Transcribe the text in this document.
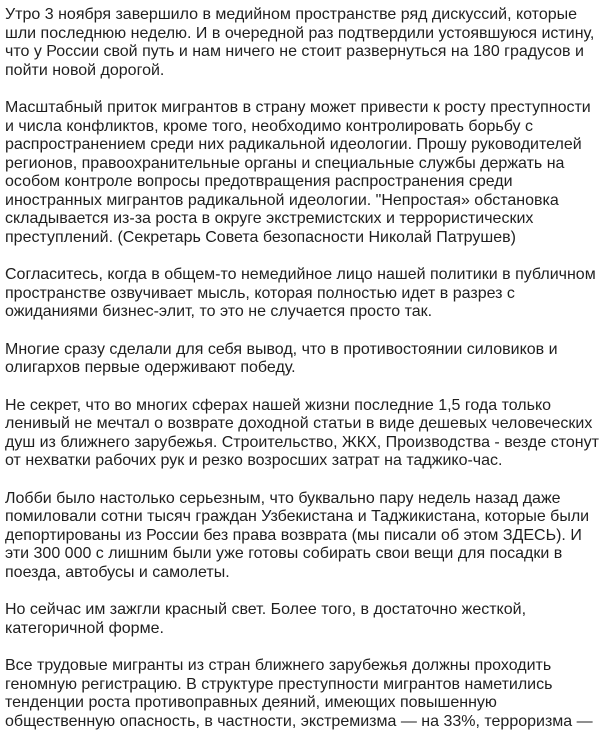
Утро 3 ноября завершило в медийном пространстве ряд дискуссий, которые шли последнюю неделю. И в очередной раз подтвердили устоявшуюся истину, что у России свой путь и нам ничего не стоит развернуться на 180 градусов и пойти новой дорогой.

Масштабный приток мигрантов в страну может привести к росту преступности и числа конфликтов, кроме того, необходимо контролировать борьбу с распространением среди них радикальной идеологии. Прошу руководителей регионов, правоохранительные органы и специальные службы держать на особом контроле вопросы предотвращения распространения среди иностранных мигрантов радикальной идеологии. "Непростая» обстановка складывается из-за роста в округе экстремистских и террористических преступлений. (Секретарь Совета безопасности Николай Патрушев)

Согласитесь, когда в общем-то немедийное лицо нашей политики в публичном пространстве озвучивает мысль, которая полностью идет в разрез с ожиданиями бизнес-элит, то это не случается просто так.

Многие сразу сделали для себя вывод, что в противостоянии силовиков и олигархов первые одерживают победу.

Не секрет, что во многих сферах нашей жизни последние 1,5 года только ленивый не мечтал о возврате доходной статьи в виде дешевых человеческих душ из ближнего зарубежья. Строительство, ЖКХ, Производства - везде стонут от нехватки рабочих рук и резко возросших затрат на таджико-час.

Лобби было настолько серьезным, что буквально пару недель назад даже помиловали сотни тысяч граждан Узбекистана и Таджикистана, которые были депортированы из России без права возврата (мы писали об этом ЗДЕСЬ). И эти 300 000 с лишним были уже готовы собирать свои вещи для посадки в поезда, автобусы и самолеты.

Но сейчас им зажгли красный свет. Более того, в достаточно жесткой, категоричной форме.

Все трудовые мигранты из стран ближнего зарубежья должны проходить геномную регистрацию. В структуре преступности мигрантов наметились тенденции роста противоправных деяний, имеющих повышенную общественную опасность, в частности, экстремизма — на 33%, терроризма —
